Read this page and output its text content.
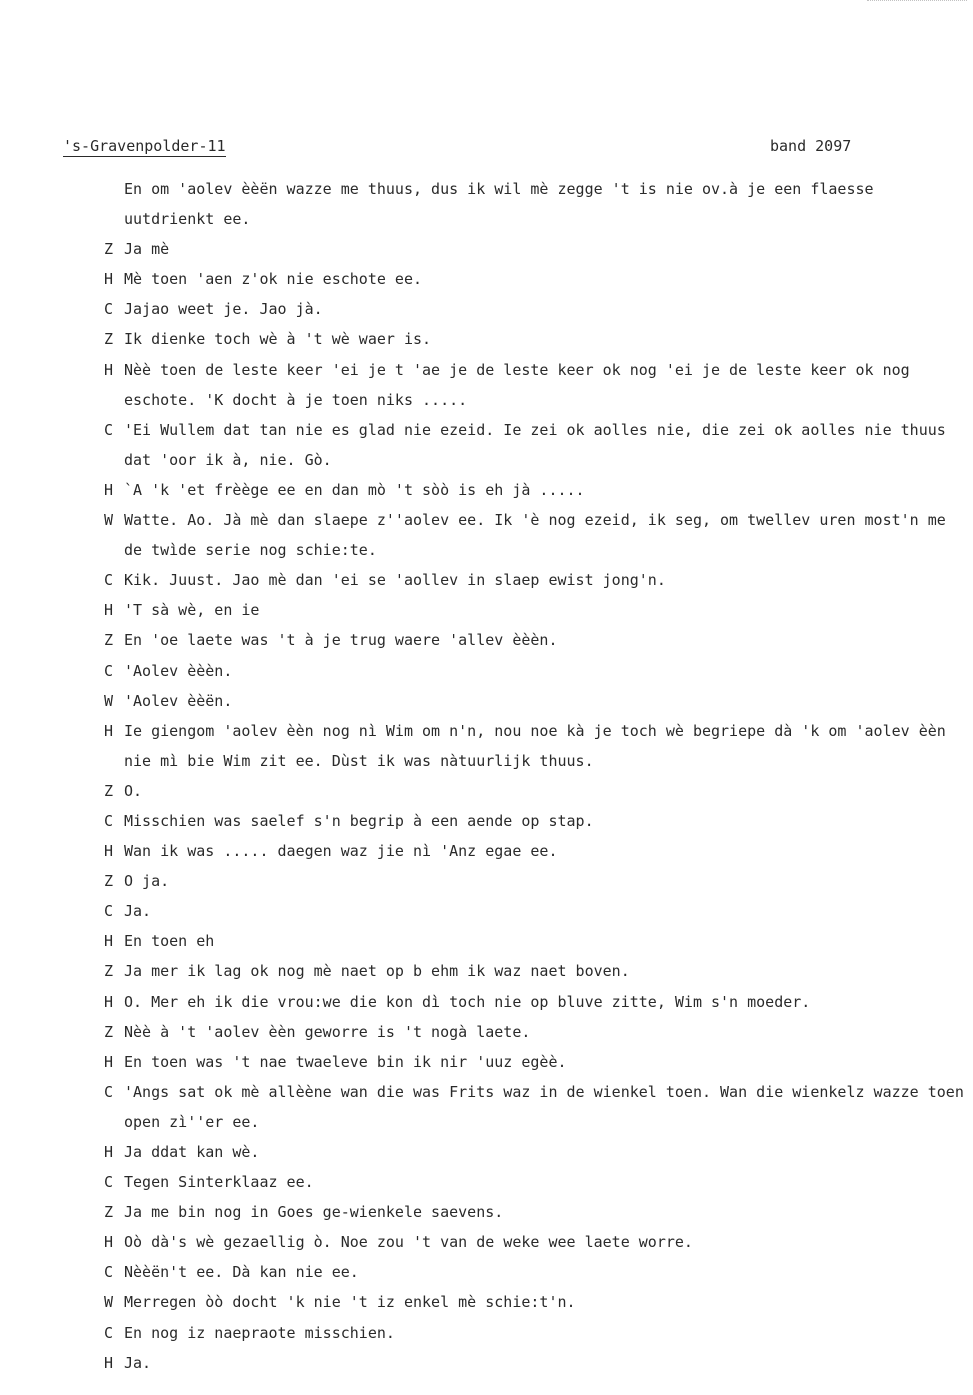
's-Gravenpolder-11	band 2097
En om 'aolev èèën wazze me thuus, dus ik wil mè zegge 't is nie ov.à je een flaesse uutdrienkt ee.
Z Ja mè
H Mè toen 'aen z'ok nie eschote ee.
C Jajao weet je. Jao jà.
Z Ik dienke toch wè à 't wè waer is.
H Nèè toen de leste keer 'ei je t 'ae je de leste keer ok nog 'ei je de leste keer ok nog eschote. 'K docht à je toen niks .....
C 'Ei Wullem dat tan nie es glad nie ezeid. Ie zei ok aolles nie, die zei ok aolles nie thuus dat 'oor ik à, nie. Gò.
H `A 'k 'et frèège ee en dan mò 't sòò is eh jà .....
W Watte. Ao. Jà mè dan slaepe z''aolev ee. Ik 'è nog ezeid, ik seg, om twellev uren most'n me de twìde serie nog schie:te.
C Kik. Juust. Jao mè dan 'ei se 'aollev in slaep ewist jong'n.
H 'T sà wè, en ie
Z En 'oe laete was 't à je trug waere 'allev èèèn.
C 'Aolev èèèn.
W 'Aolev èèën.
H Ie giengom 'aolev èèn nog nì Wim om n'n, nou noe kà je toch wè begriepe dà 'k om 'aolev èèn nie mì bie Wim zit ee. Dùst ik was nàtuurlijk thuus.
Z O.
C Misschien was saelef s'n begrip à een aende op stap.
H Wan ik was ..... daegen waz jie nì 'Anz egae ee.
Z O ja.
C Ja.
H En toen eh
Z Ja mer ik lag ok nog mè naet op b ehm ik waz naet boven.
H O. Mer eh ik die vrou:we die kon dì toch nie op bluve zitte, Wim s'n moeder.
Z Nèè à 't 'aolev èèn geworre is 't nogà laete.
H En toen was 't nae twaeleve bin ik nir 'uuz egèè.
C 'Angs sat ok mè allèène wan die was Frits waz in de wienkel toen. Wan die wienkelz wazze toen open zì''er ee.
H Ja ddat kan wè.
C Tegen Sinterklaaz ee.
Z Ja me bin nog in Goes ge-wienkele saevens.
H Oò dà's wè gezaellig ò. Noe zou 't van de weke wee laete worre.
C Nèèën't ee. Dà kan nie ee.
W Merregen òò docht 'k nie 't iz enkel mè schie:t'n.
C En nog iz naepraote misschien.
H Ja.
